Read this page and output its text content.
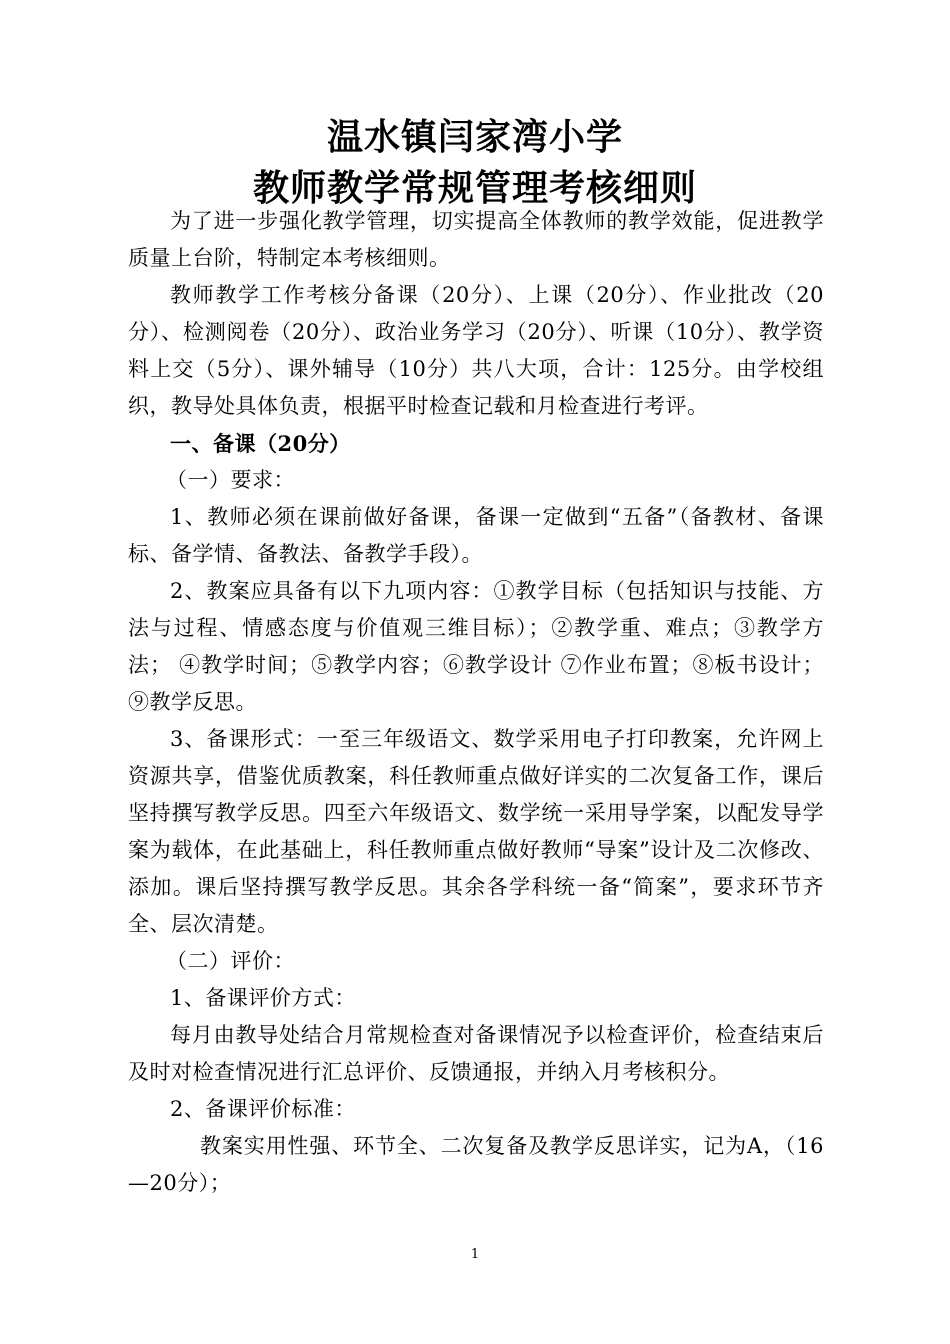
温水镇闫家湾小学
教师教学常规管理考核细则

为了进一步强化教学管理，切实提高全体教师的教学效能，促进教学质量上台阶，特制定本考核细则。

教师教学工作考核分备课（20分）、上课（20分）、作业批改（20分）、检测阅卷（20分）、政治业务学习（20分）、听课（10分）、教学资料上交（5分）、课外辅导（10分）共八大项，合计：125分。由学校组织，教导处具体负责，根据平时检查记载和月检查进行考评。

一、备课（20分）

（一）要求：

1、教师必须在课前做好备课，备课一定做到“五备”（备教材、备课标、备学情、备教法、备教学手段）。

2、教案应具备有以下九项内容：①教学目标（包括知识与技能、方法与过程、情感态度与价值观三维目标）；②教学重、难点；③教学方法； ④教学时间；⑤教学内容；⑥教学设计 ⑦作业布置；⑧板书设计； ⑨教学反思。

3、备课形式：一至三年级语文、数学采用电子打印教案，允许网上资源共享，借鉴优质教案，科任教师重点做好详实的二次复备工作，课后坚持撰写教学反思。四至六年级语文、数学统一采用导学案，以配发导学案为载体，在此基础上，科任教师重点做好教师“导案”设计及二次修改、添加。课后坚持撰写教学反思。其余各学科统一备“简案”，要求环节齐全、层次清楚。

（二）评价：

1、备课评价方式：

每月由教导处结合月常规检查对备课情况予以检查评价，检查结束后及时对检查情况进行汇总评价、反馈通报，并纳入月考核积分。

2、备课评价标准：

教案实用性强、环节全、二次复备及教学反思详实，记为A，（16—20分）；

1
